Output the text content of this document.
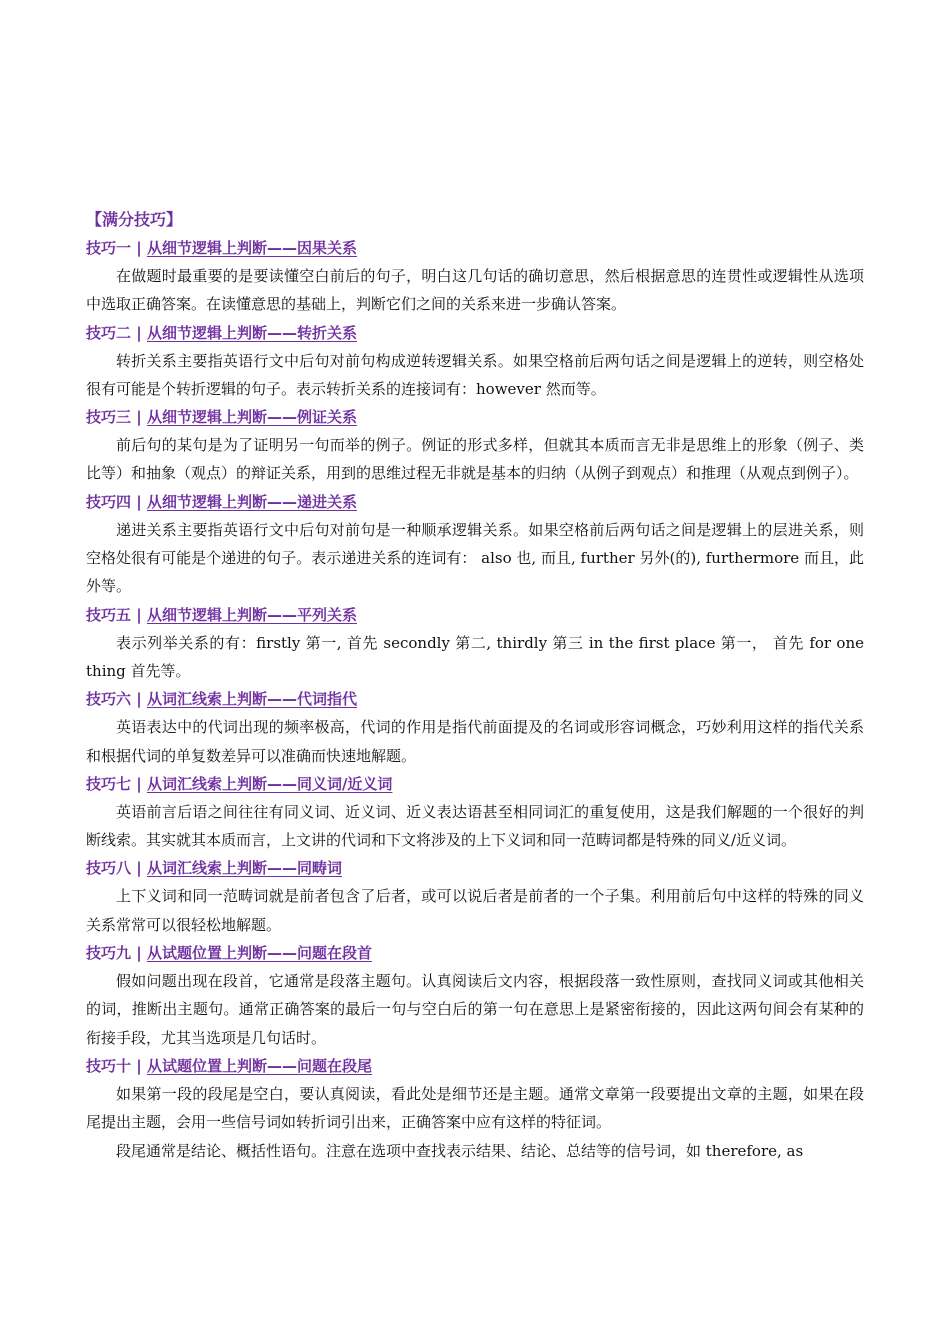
【满分技巧】

技巧一 | 从细节逻辑上判断——因果关系

在做题时最重要的是要读懂空白前后的句子，明白这几句话的确切意思，然后根据意思的连贯性或逻辑性从选项中选取正确答案。在读懂意思的基础上，判断它们之间的关系来进一步确认答案。

技巧二 | 从细节逻辑上判断——转折关系

转折关系主要指英语行文中后句对前句构成逆转逻辑关系。如果空格前后两句话之间是逻辑上的逆转，则空格处很有可能是个转折逻辑的句子。表示转折关系的连接词有：however 然而等。

技巧三 | 从细节逻辑上判断——例证关系

前后句的某句是为了证明另一句而举的例子。例证的形式多样，但就其本质而言无非是思维上的形象（例子、类比等）和抽象（观点）的辩证关系，用到的思维过程无非就是基本的归纳（从例子到观点）和推理（从观点到例子）。

技巧四 | 从细节逻辑上判断——递进关系

递进关系主要指英语行文中后句对前句是一种顺承逻辑关系。如果空格前后两句话之间是逻辑上的层进关系，则空格处很有可能是个递进的句子。表示递进关系的连词有： also 也, 而且, further 另外(的), furthermore 而且，此外等。

技巧五 | 从细节逻辑上判断——平列关系

表示列举关系的有：firstly 第一, 首先 secondly 第二, thirdly 第三 in the first place 第一， 首先 for one thing 首先等。

技巧六 | 从词汇线索上判断——代词指代

英语表达中的代词出现的频率极高，代词的作用是指代前面提及的名词或形容词概念，巧妙利用这样的指代关系和根据代词的单复数差异可以准确而快速地解题。

技巧七 | 从词汇线索上判断——同义词/近义词

英语前言后语之间往往有同义词、近义词、近义表达语甚至相同词汇的重复使用，这是我们解题的一个很好的判断线索。其实就其本质而言，上文讲的代词和下文将涉及的上下义词和同一范畴词都是特殊的同义/近义词。

技巧八 | 从词汇线索上判断——同畴词

上下义词和同一范畴词就是前者包含了后者，或可以说后者是前者的一个子集。利用前后句中这样的特殊的同义关系常常可以很轻松地解题。

技巧九 | 从试题位置上判断——问题在段首

假如问题出现在段首，它通常是段落主题句。认真阅读后文内容，根据段落一致性原则，查找同义词或其他相关的词，推断出主题句。通常正确答案的最后一句与空白后的第一句在意思上是紧密衔接的，因此这两句间会有某种的衔接手段，尤其当选项是几句话时。

技巧十 | 从试题位置上判断——问题在段尾

如果第一段的段尾是空白，要认真阅读，看此处是细节还是主题。通常文章第一段要提出文章的主题，如果在段尾提出主题，会用一些信号词如转折词引出来，正确答案中应有这样的特征词。

段尾通常是结论、概括性语句。注意在选项中查找表示结果、结论、总结等的信号词，如 therefore, as
